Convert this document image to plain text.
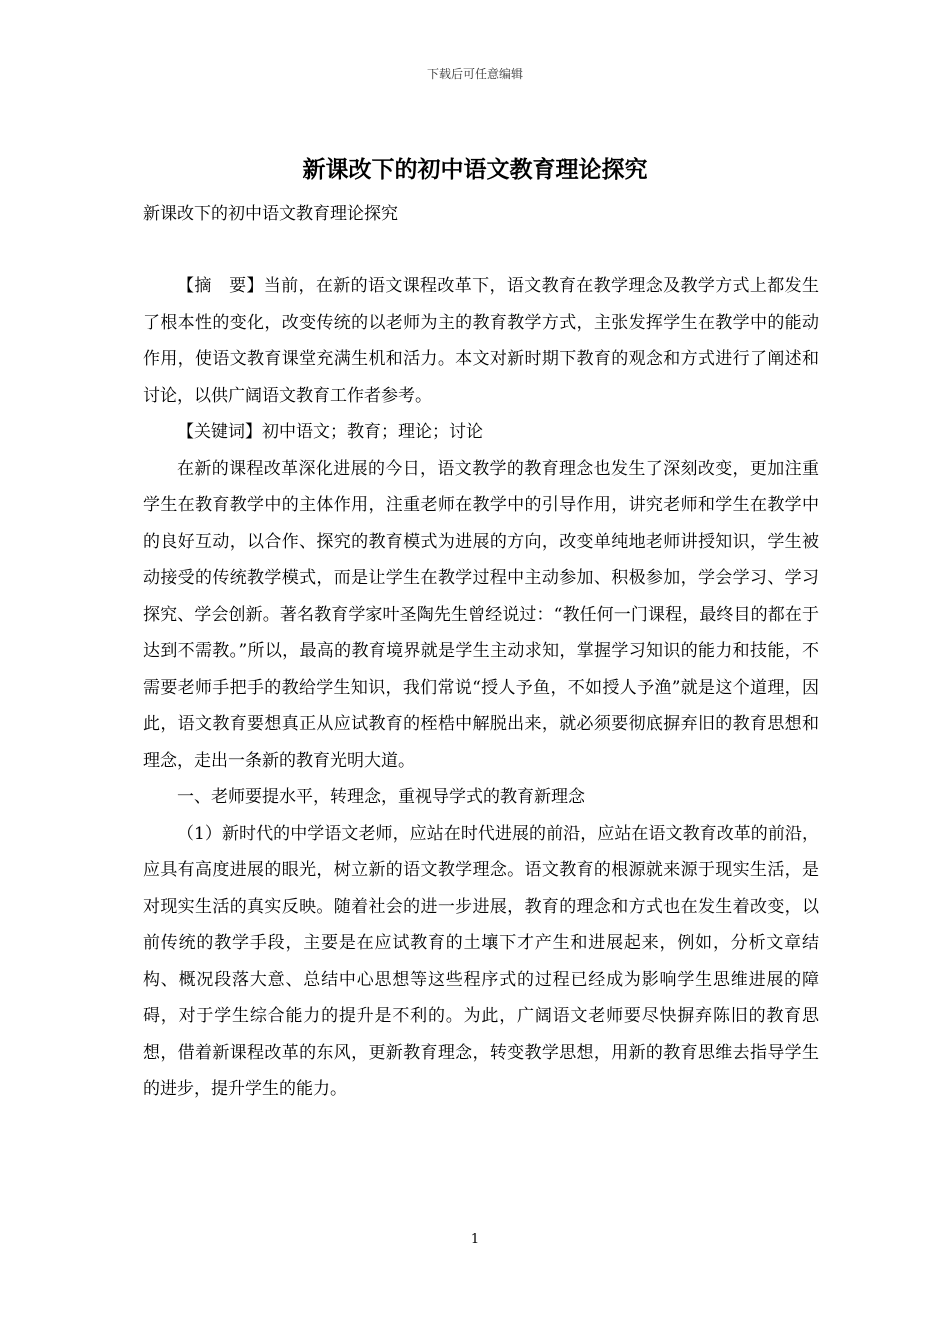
下载后可任意编辑
新课改下的初中语文教育理论探究
新课改下的初中语文教育理论探究

【摘　要】当前，在新的语文课程改革下，语文教育在教学理念及教学方式上都发生了根本性的变化，改变传统的以老师为主的教育教学方式，主张发挥学生在教学中的能动作用，使语文教育课堂充满生机和活力。本文对新时期下教育的观念和方式进行了阐述和讨论，以供广阔语文教育工作者参考。

【关键词】初中语文；教育；理论；讨论

在新的课程改革深化进展的今日，语文教学的教育理念也发生了深刻改变，更加注重学生在教育教学中的主体作用，注重老师在教学中的引导作用，讲究老师和学生在教学中的良好互动，以合作、探究的教育模式为进展的方向，改变单纯地老师讲授知识，学生被动接受的传统教学模式，而是让学生在教学过程中主动参加、积极参加，学会学习、学习探究、学会创新。著名教育学家叶圣陶先生曾经说过：“教任何一门课程，最终目的都在于达到不需教。”所以，最高的教育境界就是学生主动求知，掌握学习知识的能力和技能，不需要老师手把手的教给学生知识，我们常说“授人予鱼，不如授人予渔”就是这个道理，因此，语文教育要想真正从应试教育的桎梏中解脱出来，就必须要彻底摒弃旧的教育思想和理念，走出一条新的教育光明大道。

一、老师要提水平，转理念，重视导学式的教育新理念

（1）新时代的中学语文老师，应站在时代进展的前沿，应站在语文教育改革的前沿，应具有高度进展的眼光，树立新的语文教学理念。语文教育的根源就来源于现实生活，是对现实生活的真实反映。随着社会的进一步进展，教育的理念和方式也在发生着改变，以前传统的教学手段，主要是在应试教育的土壤下才产生和进展起来，例如，分析文章结构、概况段落大意、总结中心思想等这些程序式的过程已经成为影响学生思维进展的障碍，对于学生综合能力的提升是不利的。为此，广阔语文老师要尽快摒弃陈旧的教育思想，借着新课程改革的东风，更新教育理念，转变教学思想，用新的教育思维去指导学生的进步，提升学生的能力。

1
